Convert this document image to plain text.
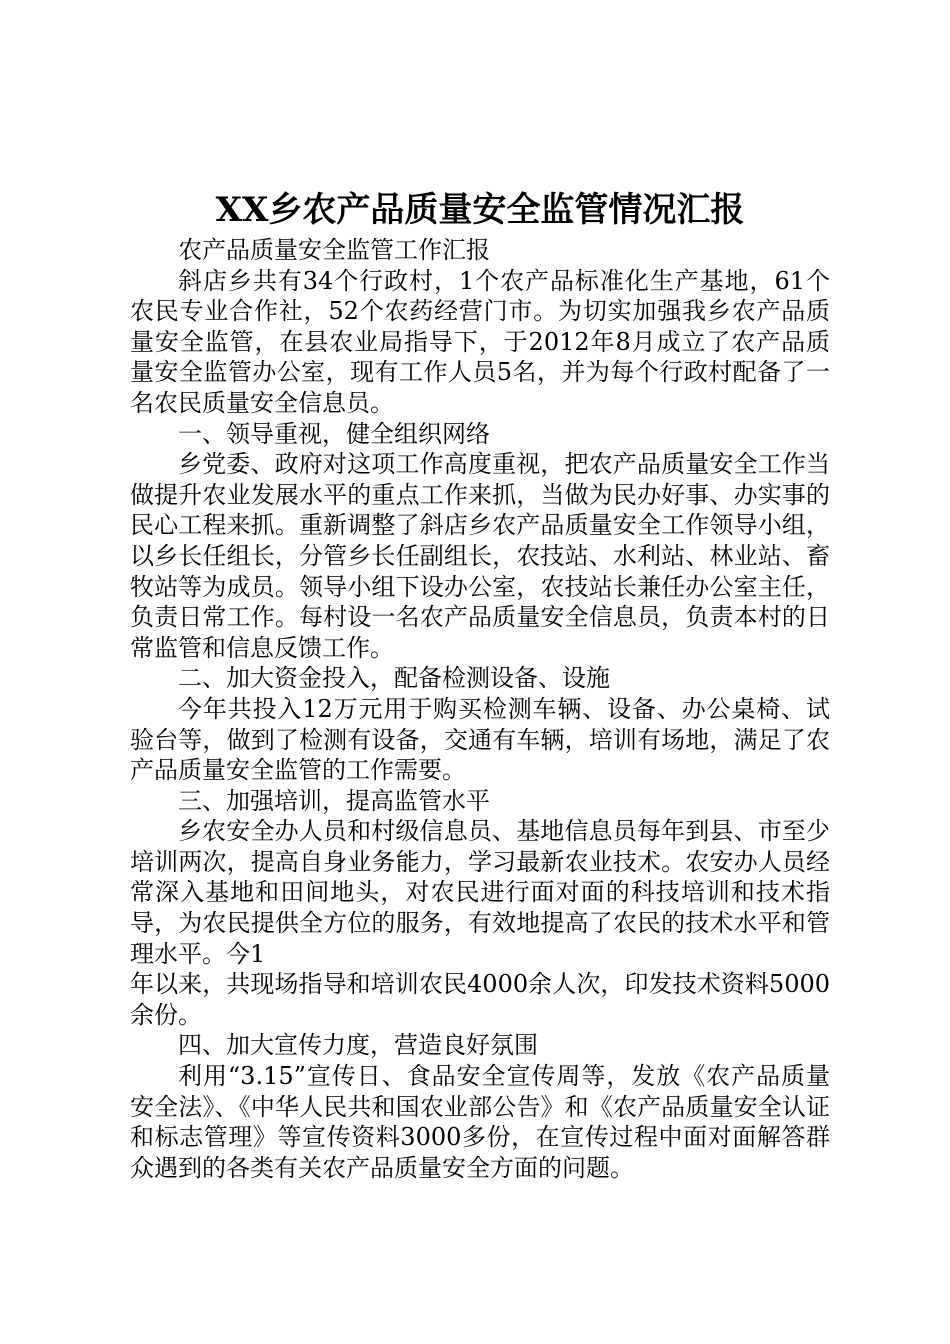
XX乡农产品质量安全监管情况汇报

农产品质量安全监管工作汇报

斜店乡共有34个行政村，1个农产品标准化生产基地，61个农民专业合作社，52个农药经营门市。为切实加强我乡农产品质量安全监管，在县农业局指导下，于2012年8月成立了农产品质量安全监管办公室，现有工作人员5名，并为每个行政村配备了一名农民质量安全信息员。

一、领导重视，健全组织网络

乡党委、政府对这项工作高度重视，把农产品质量安全工作当做提升农业发展水平的重点工作来抓，当做为民办好事、办实事的民心工程来抓。重新调整了斜店乡农产品质量安全工作领导小组，以乡长任组长，分管乡长任副组长，农技站、水利站、林业站、畜牧站等为成员。领导小组下设办公室，农技站长兼任办公室主任，负责日常工作。每村设一名农产品质量安全信息员，负责本村的日常监管和信息反馈工作。

二、加大资金投入，配备检测设备、设施

今年共投入12万元用于购买检测车辆、设备、办公桌椅、试验台等，做到了检测有设备，交通有车辆，培训有场地，满足了农产品质量安全监管的工作需要。

三、加强培训，提高监管水平

乡农安全办人员和村级信息员、基地信息员每年到县、市至少培训两次，提高自身业务能力，学习最新农业技术。农安办人员经常深入基地和田间地头，对农民进行面对面的科技培训和技术指导，为农民提供全方位的服务，有效地提高了农民的技术水平和管理水平。今1

年以来，共现场指导和培训农民4000余人次，印发技术资料5000余份。

四、加大宣传力度，营造良好氛围

利用“3.15”宣传日、食品安全宣传周等，发放《农产品质量安全法》、《中华人民共和国农业部公告》和《农产品质量安全认证和标志管理》等宣传资料3000多份，在宣传过程中面对面解答群众遇到的各类有关农产品质量安全方面的问题。
